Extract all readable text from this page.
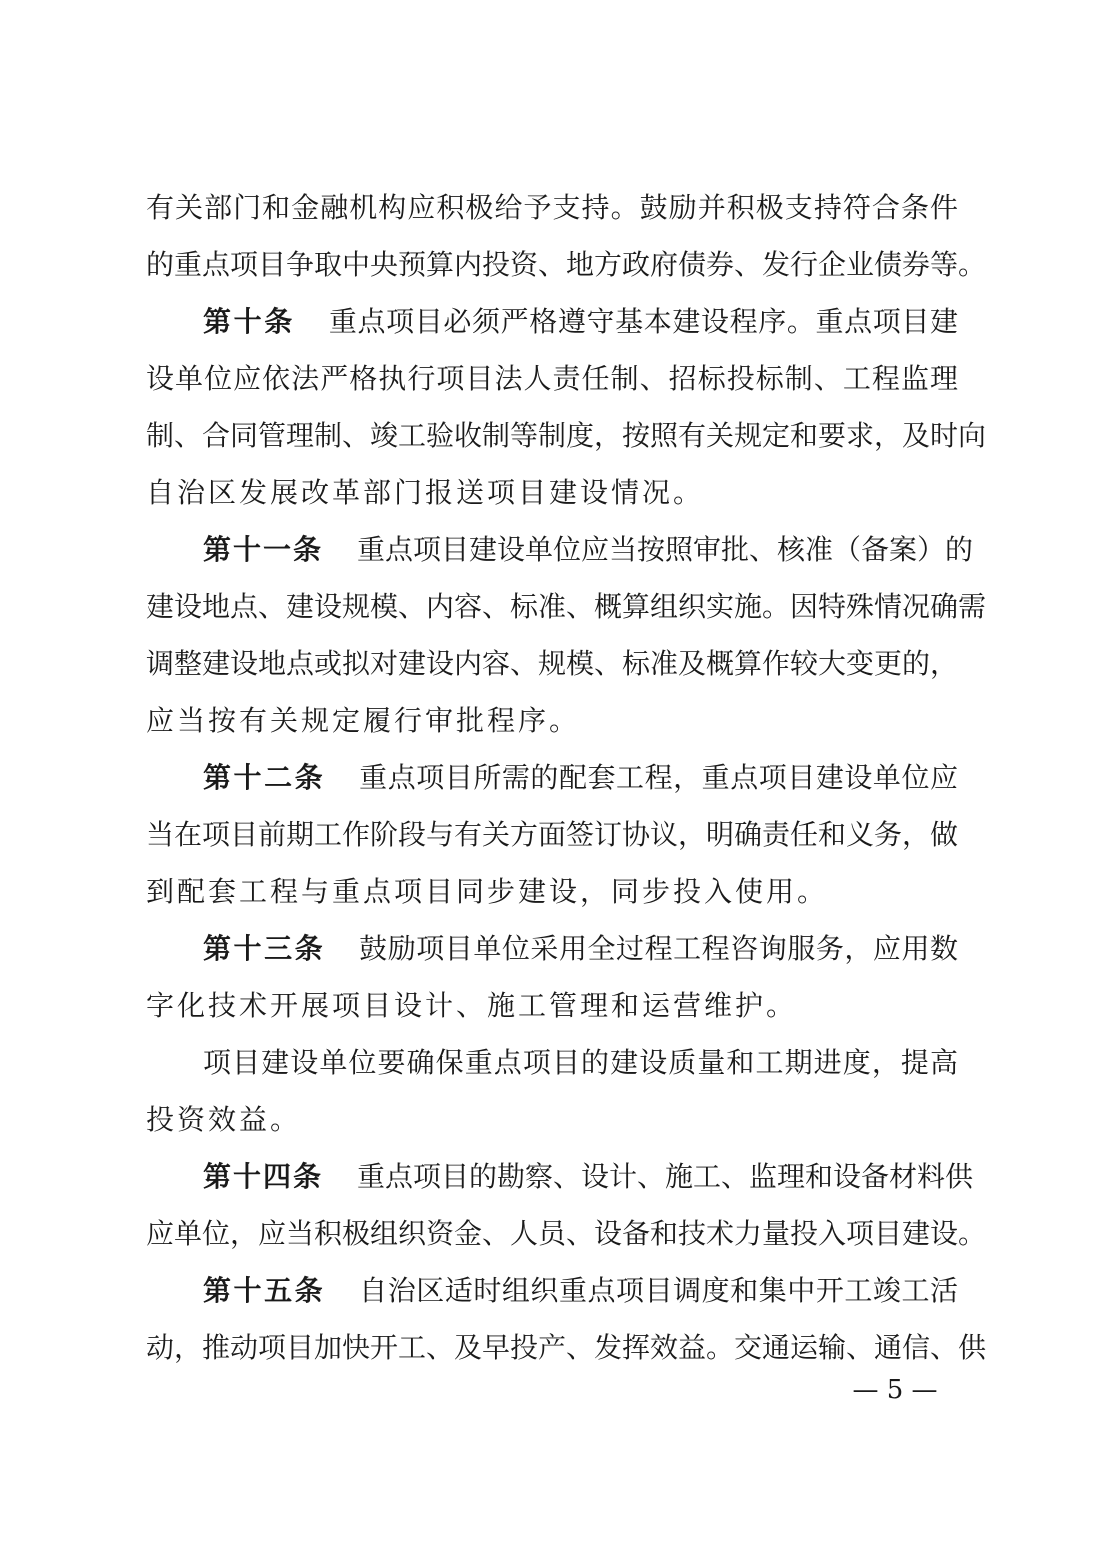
有关部门和金融机构应积极给予支持。鼓励并积极支持符合条件
的重点项目争取中央预算内投资、地方政府债券、发行企业债券等。
第十条 重点项目必须严格遵守基本建设程序。重点项目建
设单位应依法严格执行项目法人责任制、招标投标制、工程监理
制、合同管理制、竣工验收制等制度，按照有关规定和要求，及时向
自治区发展改革部门报送项目建设情况。
第十一条 重点项目建设单位应当按照审批、核准（备案）的
建设地点、建设规模、内容、标准、概算组织实施。因特殊情况确需
调整建设地点或拟对建设内容、规模、标准及概算作较大变更的，
应当按有关规定履行审批程序。
第十二条 重点项目所需的配套工程，重点项目建设单位应
当在项目前期工作阶段与有关方面签订协议，明确责任和义务，做
到配套工程与重点项目同步建设，同步投入使用。
第十三条 鼓励项目单位采用全过程工程咨询服务，应用数
字化技术开展项目设计、施工管理和运营维护。
项目建设单位要确保重点项目的建设质量和工期进度，提高
投资效益。
第十四条 重点项目的勘察、设计、施工、监理和设备材料供
应单位，应当积极组织资金、人员、设备和技术力量投入项目建设。
第十五条 自治区适时组织重点项目调度和集中开工竣工活
动，推动项目加快开工、及早投产、发挥效益。交通运输、通信、供
— 5 —
